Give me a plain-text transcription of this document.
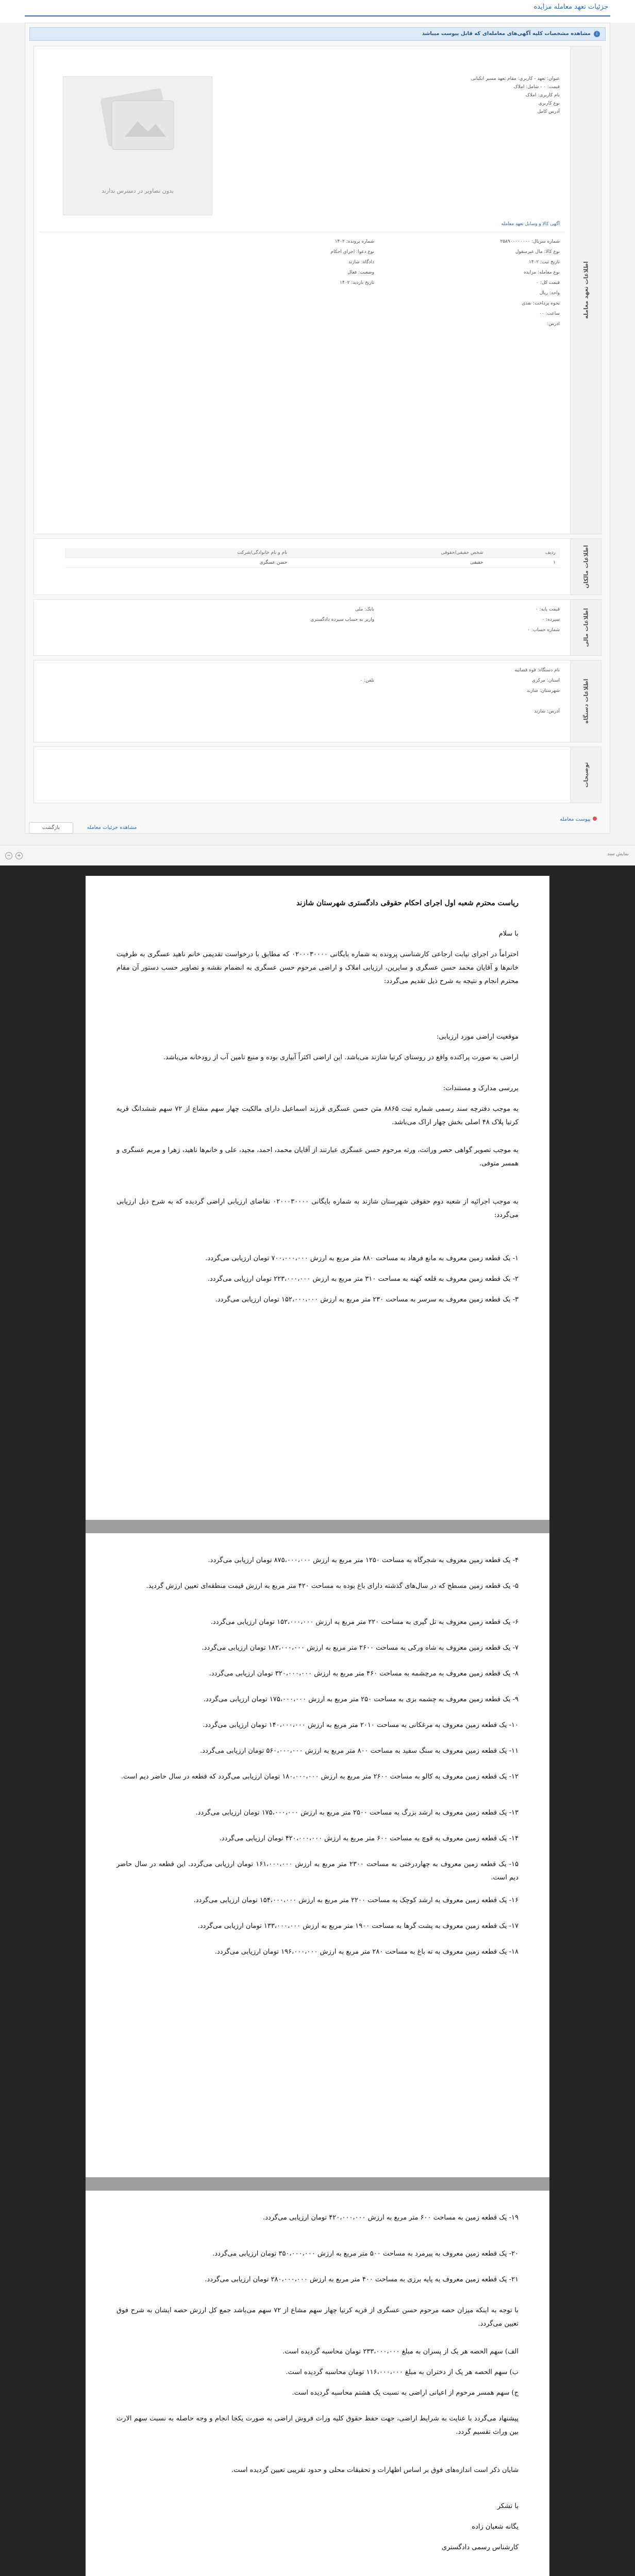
جزئیات تعهد معامله مزایده
i
مشاهده مشخصات کلیه آگهی‌های معامله‌ای که قابل پیوست میباشد
اطلاعات تعهد معامله
بدون تصاویر در دسترس ندارند
عنوان: تعهد - کاربری: مقام تعهد مسیر انکبانی
قیمت: ۰ - شامل: املاک
نام کاربری: املاک
نوع کاربری
آدرس کامل
آگهی کالا و وسایل تعهد معامله
شماره سریال: ۲۵۸۹۰۰۰۰۰۰۰۰
نوع کالا: مال غیرمنقول
تاریخ ثبت: ۱۴۰۲
نوع معامله: مزایده
قیمت کل: ۰
واحد: ریال
نحوه پرداخت: نقدی
ساعت: ۰۰
ادرس:
شماره پرونده: ۱۴۰۲
نوع دعوا: اجرای احکام
دادگاه: شازند
وضعیت: فعال
تاریخ بازدید: ۱۴۰۲
اطلاعات مالکان
ردیف	شخص حقیقی/حقوقی	نام و نام خانوادگی/شرکت
۱	حقیقی	حسن عسگری
اطلاعات مالی
قیمت پایه: ۰
سپرده: ۰
شماره حساب: ۰
بانک: ملی
واریز به حساب سپرده دادگستری
اطلاعات دستگاه
نام دستگاه: قوه قضاییه
استان: مرکزی
شهرستان: شازند
تلفن: ۰
آدرس: شازند
توضیحات
پیوست معامله
بازگشت	مشاهده جزئیات معامله
−	+	نمایش سند

ریاست محترم شعبه اول اجرای احکام حقوقی دادگستری شهرستان شازند

با سلام

احتراماً در اجرای نیابت ارجاعی کارشناسی پرونده به شماره بایگانی ۰۲۰۰۰۳۰۰۰۰ که مطابق با درخواست تقدیمی خانم ناهید عسگری به طرفیت خانم‌ها و آقایان محمد حسن عسگری و سایرین، ارزیابی املاک و اراضی مرحوم حسن عسگری به انضمام نقشه و تصاویر حسب دستور آن مقام محترم انجام و نتیجه به شرح ذیل تقدیم می‌گردد:

موقعیت اراضی مورد ارزیابی:

اراضی به صورت پراکنده واقع در روستای کرتیا شازند می‌باشد. این اراضی اکثراً آبیاری بوده و منبع تامین آب از رودخانه می‌باشد.

بررسی مدارک و مستندات:

به موجب دفترچه سند رسمی شماره ثبت ۸۸۶۵ متن حسن عسگری فرزند اسماعیل دارای مالکیت چهار سهم مشاع از ۷۲ سهم ششدانگ قریه کرتیا پلاک ۴۸ اصلی بخش چهار اراک می‌باشد.

به موجب تصویر گواهی حصر وراثت، ورثه مرحوم حسن عسگری عبارتند از آقایان محمد، احمد، مجید، علی و خانم‌ها ناهید، زهرا و مریم عسگری و همسر متوفی.

به موجب اجرائیه از شعبه دوم حقوقی شهرستان شازند به شماره بایگانی ۰۲۰۰۰۳۰۰۰۰ تقاضای ارزیابی اراضی گردیده که به شرح ذیل ارزیابی می‌گردد:

۱- یک قطعه زمین معروف به مانع فرهاد به مساحت ۸۸۰ متر مربع به ارزش ۷۰۰،۰۰۰،۰۰۰ تومان ارزیابی می‌گردد.

۲- یک قطعه زمین معروف به قلعه کهنه به مساحت ۳۱۰ متر مربع به ارزش ۲۲۳،۰۰۰،۰۰۰ تومان ارزیابی می‌گردد.

۳- یک قطعه زمین معروف به سرسر به مساحت ۲۳۰ متر مربع به ارزش ۱۵۲،۰۰۰،۰۰۰ تومان ارزیابی می‌گردد.

۴- یک قطعه زمین معروف به شجرگاه به مساحت ۱۲۵۰ متر مربع به ارزش ۸۷۵،۰۰۰،۰۰۰ تومان ارزیابی می‌گردد.

۵- یک قطعه زمین مسطح که در سال‌های گذشته دارای باغ بوده به مساحت ۴۲۰ متر مربع به ارزش قیمت منطقه‌ای تعیین ارزش گردید.

۶- یک قطعه زمین معروف به تل گیری به مساحت ۲۲۰ متر مربع به ارزش ۱۵۲،۰۰۰،۰۰۰ تومان ارزیابی می‌گردد.

۷- یک قطعه زمین معروف به شاه ورکی به مساحت ۲۶۰۰ متر مربع به ارزش ۱۸۲،۰۰۰،۰۰۰ تومان ارزیابی می‌گردد.

۸- یک قطعه زمین معروف به مرچشمه به مساحت ۴۶۰ متر مربع به ارزش ۳۲۰،۰۰۰،۰۰۰ تومان ارزیابی می‌گردد.

۹- یک قطعه زمین معروف به چشمه بزی به مساحت ۲۵۰ متر مربع به ارزش ۱۷۵،۰۰۰،۰۰۰ تومان ارزیابی می‌گردد.

۱۰- یک قطعه زمین معروف به مرغکانی به مساحت ۲۰۱۰ متر مربع به ارزش ۱۴۰،۰۰۰،۰۰۰ تومان ارزیابی می‌گردد.

۱۱- یک قطعه زمین معروف به سنگ سفید به مساحت ۸۰۰ متر مربع به ارزش ۵۶۰،۰۰۰،۰۰۰ تومان ارزیابی می‌گردد.

۱۲- یک قطعه زمین معروف به کالو به مساحت ۲۶۰۰ متر مربع به ارزش ۱۸۰،۰۰۰،۰۰۰ تومان ارزیابی می‌گردد که قطعه در سال حاضر دیم است.

۱۳- یک قطعه زمین معروف به ارشد بزرگ به مساحت ۲۵۰۰ متر مربع به ارزش ۱۷۵،۰۰۰،۰۰۰ تومان ارزیابی می‌گردد.

۱۴- یک قطعه زمین معروف به قوچ به مساحت ۶۰۰ متر مربع به ارزش ۴۲۰،۰۰۰،۰۰۰ تومان ارزیابی می‌گردد.

۱۵- یک قطعه زمین معروف به چهاردرختی به مساحت ۲۳۰۰ متر مربع به ارزش ۱۶۱،۰۰۰،۰۰۰ تومان ارزیابی می‌گردد. این قطعه در سال حاضر دیم است.

۱۶- یک قطعه زمین معروف به ارشد کوچک به مساحت ۲۲۰۰ متر مربع به ارزش ۱۵۴،۰۰۰،۰۰۰ تومان ارزیابی می‌گردد.

۱۷- یک قطعه زمین معروف به پشت گرها به مساحت ۱۹۰۰ متر مربع به ارزش ۱۳۳،۰۰۰،۰۰۰ تومان ارزیابی می‌گردد.

۱۸- یک قطعه زمین معروف به ته باغ به مساحت ۲۸۰ متر مربع به ارزش ۱۹۶،۰۰۰،۰۰۰ تومان ارزیابی می‌گردد.

۱۹- یک قطعه زمین به مساحت ۶۰۰ متر مربع به ارزش ۴۲۰،۰۰۰،۰۰۰ تومان ارزیابی می‌گردد.

۲۰- یک قطعه زمین معروف به پیرمرد به مساحت ۵۰۰ متر مربع به ارزش ۳۵۰،۰۰۰،۰۰۰ تومان ارزیابی می‌گردد.

۲۱- یک قطعه زمین معروف به پایه برزی به مساحت ۴۰۰ متر مربع به ارزش ۲۸۰،۰۰۰،۰۰۰ تومان ارزیابی می‌گردد.

با توجه به اینکه میزان حصه مرحوم حسن عسگری از قریه کرتیا چهار سهم مشاع از ۷۲ سهم می‌باشد جمع کل ارزش حصه ایشان به شرح فوق تعیین می‌گردد.

الف) سهم الحصه هر یک از پسران به مبلغ ۲۳۳،۰۰۰،۰۰۰ تومان محاسبه گردیده است.

ب) سهم الحصه هر یک از دختران به مبلغ ۱۱۶،۰۰۰،۰۰۰ تومان محاسبه گردیده است.

ج) سهم همسر مرحوم از اعیانی اراضی به نسبت یک هشتم محاسبه گردیده است.

پیشنهاد می‌گردد با عنایت به شرایط اراضی، جهت حفظ حقوق کلیه وراث فروش اراضی به صورت یکجا انجام و وجه حاصله به نسبت سهم الارث بین وراث تقسیم گردد.

شایان ذکر است اندازه‌های فوق بر اساس اظهارات و تحقیقات محلی و حدود تقریبی تعیین گردیده است.

با تشکر

یگانه شعبان زاده

کارشناس رسمی دادگستری
